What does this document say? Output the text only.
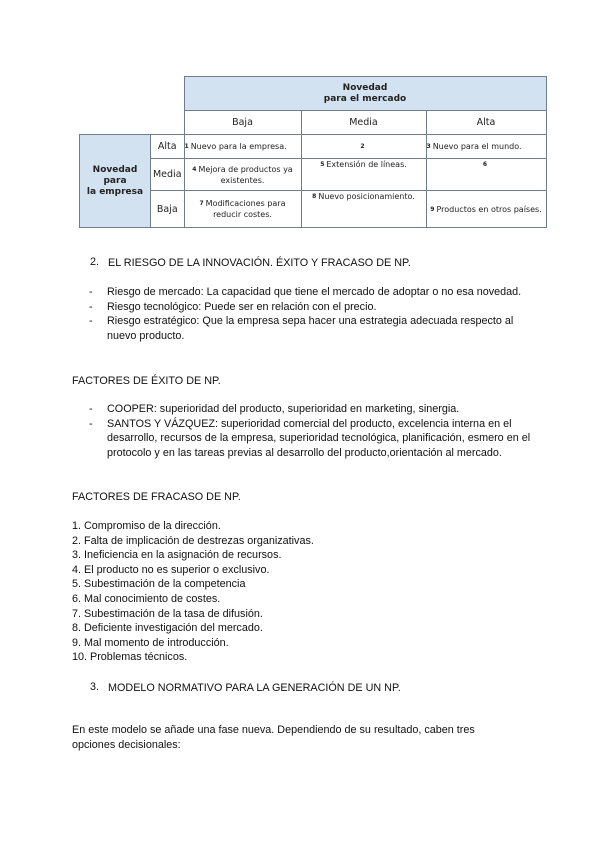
		Novedad
para el mercado		

		Baja	Media	Alta

Novedad para
la empresa	Alta	$^1$ Nuevo para la empresa.	$^2$	$^3$ Nuevo para el mundo.
	Media	$^4$ Mejora de productos ya existentes.	$^5$ Extensión de líneas.	$^6$
	Baja	$^7$ Modificaciones para reducir costes.	$^8$ Nuevo posicionamiento.	$^9$ Productos en otros países.
2. EL RIESGO DE LA INNOVACIÓN. ÉXITO Y FRACASO DE NP.
- Riesgo de mercado: La capacidad que tiene el mercado de adoptar o no esa novedad.
- Riesgo tecnológico: Puede ser en relación con el precio.
- Riesgo estratégico: Que la empresa sepa hacer una estrategia adecuada respecto al nuevo producto.

FACTORES DE ÉXITO DE NP.

- COOPER: superioridad del producto, superioridad en marketing, sinergia.
- SANTOS Y VÁZQUEZ: superioridad comercial del producto, excelencia interna en el desarrollo, recursos de la empresa, superioridad tecnológica, planificación, esmero en el protocolo y en las tareas previas al desarrollo del producto,orientación al mercado.

FACTORES DE FRACASO DE NP.

1. Compromiso de la dirección.
2. Falta de implicación de destrezas organizativas.
3. Ineficiencia en la asignación de recursos.
4. El producto no es superior o exclusivo.
5. Subestimación de la competencia
6. Mal conocimiento de costes.
7. Subestimación de la tasa de difusión.
8. Deficiente investigación del mercado.
9. Mal momento de introducción.
10. Problemas técnicos.
3. MODELO NORMATIVO PARA LA GENERACIÓN DE UN NP.

En este modelo se añade una fase nueva. Dependiendo de su resultado, caben tres opciones decisionales:
